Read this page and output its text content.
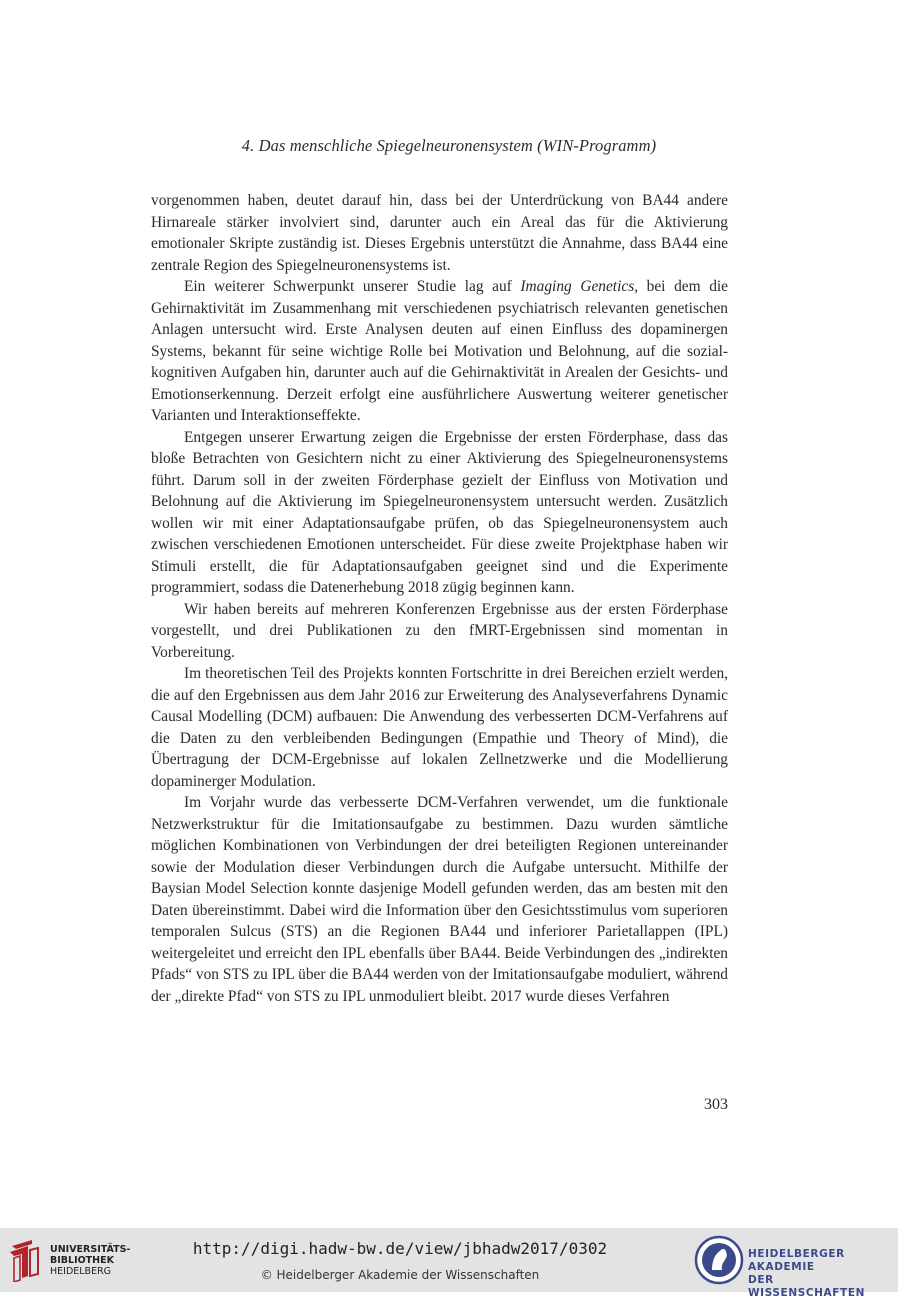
4. Das menschliche Spiegelneuronensystem (WIN-Programm)

vorgenommen haben, deutet darauf hin, dass bei der Unterdrückung von BA44 andere Hirnareale stärker involviert sind, darunter auch ein Areal das für die Aktivierung emotionaler Skripte zuständig ist. Dieses Ergebnis unterstützt die Annahme, dass BA44 eine zentrale Region des Spiegelneuronensystems ist.

Ein weiterer Schwerpunkt unserer Studie lag auf Imaging Genetics, bei dem die Gehirnaktivität im Zusammenhang mit verschiedenen psychiatrisch relevanten genetischen Anlagen untersucht wird. Erste Analysen deuten auf einen Einfluss des dopaminergen Systems, bekannt für seine wichtige Rolle bei Motivation und Belohnung, auf die sozial-kognitiven Aufgaben hin, darunter auch auf die Gehirnaktivität in Arealen der Gesichts- und Emotionserkennung. Derzeit erfolgt eine ausführlichere Auswertung weiterer genetischer Varianten und Interaktionseffekte.

Entgegen unserer Erwartung zeigen die Ergebnisse der ersten Förderphase, dass das bloße Betrachten von Gesichtern nicht zu einer Aktivierung des Spiegelneuronensystems führt. Darum soll in der zweiten Förderphase gezielt der Einfluss von Motivation und Belohnung auf die Aktivierung im Spiegelneuronensystem untersucht werden. Zusätzlich wollen wir mit einer Adaptationsaufgabe prüfen, ob das Spiegelneuronensystem auch zwischen verschiedenen Emotionen unterscheidet. Für diese zweite Projektphase haben wir Stimuli erstellt, die für Adaptationsaufgaben geeignet sind und die Experimente programmiert, sodass die Datenerhebung 2018 zügig beginnen kann.

Wir haben bereits auf mehreren Konferenzen Ergebnisse aus der ersten Förderphase vorgestellt, und drei Publikationen zu den fMRT-Ergebnissen sind momentan in Vorbereitung.

Im theoretischen Teil des Projekts konnten Fortschritte in drei Bereichen erzielt werden, die auf den Ergebnissen aus dem Jahr 2016 zur Erweiterung des Analyseverfahrens Dynamic Causal Modelling (DCM) aufbauen: Die Anwendung des verbesserten DCM-Verfahrens auf die Daten zu den verbleibenden Bedingungen (Empathie und Theory of Mind), die Übertragung der DCM-Ergebnisse auf lokalen Zellnetzwerke und die Modellierung dopaminerger Modulation.

Im Vorjahr wurde das verbesserte DCM-Verfahren verwendet, um die funktionale Netzwerkstruktur für die Imitationsaufgabe zu bestimmen. Dazu wurden sämtliche möglichen Kombinationen von Verbindungen der drei beteiligten Regionen untereinander sowie der Modulation dieser Verbindungen durch die Aufgabe untersucht. Mithilfe der Baysian Model Selection konnte dasjenige Modell gefunden werden, das am besten mit den Daten übereinstimmt. Dabei wird die Information über den Gesichtsstimulus vom superioren temporalen Sulcus (STS) an die Regionen BA44 und inferiorer Parietallappen (IPL) weitergeleitet und erreicht den IPL ebenfalls über BA44. Beide Verbindungen des „indirekten Pfads“ von STS zu IPL über die BA44 werden von der Imitationsaufgabe moduliert, während der „direkte Pfad“ von STS zu IPL unmoduliert bleibt. 2017 wurde dieses Verfahren

303
UNIVERSITÄTS-
BIBLIOTHEK
HEIDELBERG
http://digi.hadw-bw.de/view/jbhadw2017/0302
© Heidelberger Akademie der Wissenschaften
HEIDELBERGER AKADEMIE
DER WISSENSCHAFTEN
